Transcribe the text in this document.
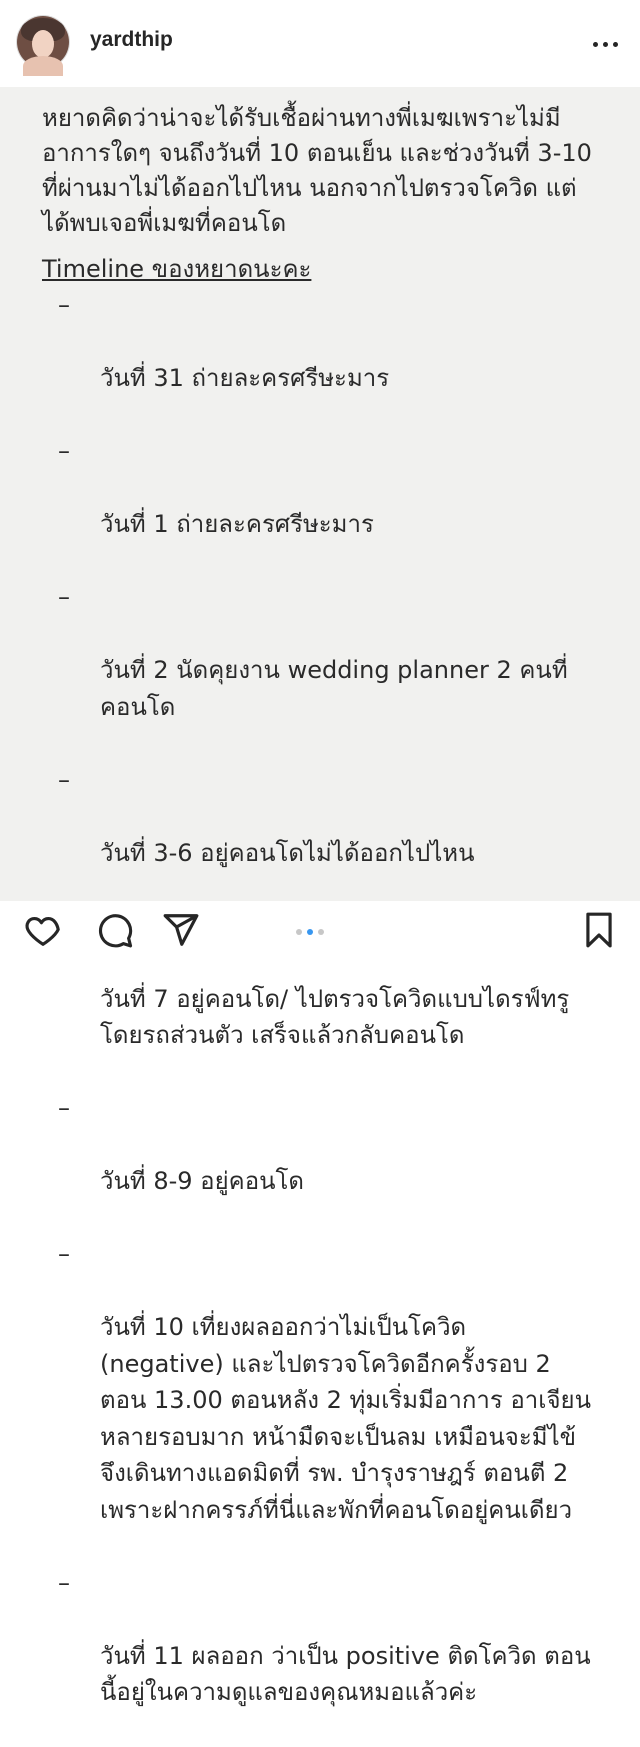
yardthip
หยาดคิดว่าน่าจะได้รับเชื้อผ่านทางพี่เมฆเพราะไม่มี
อาการใดๆ จนถึงวันที่ 10 ตอนเย็น และช่วงวันที่ 3-10
ที่ผ่านมาไม่ได้ออกไปไหน นอกจากไปตรวจโควิด แต่
ได้พบเจอพี่เมฆที่คอนโด
Timeline ของหยาดนะคะ

–

วันที่ 31 ถ่ายละครศรีษะมาร

–

วันที่ 1 ถ่ายละครศรีษะมาร

–

วันที่ 2 นัดคุยงาน wedding planner 2 คนที่
คอนโด

–

วันที่ 3-6 อยู่คอนโดไม่ได้ออกไปไหน

วันที่ 7 อยู่คอนโด/ ไปตรวจโควิดแบบไดรฟ์ทรู
โดยรถส่วนตัว เสร็จแล้วกลับคอนโด

–

วันที่ 8-9 อยู่คอนโด

–

วันที่ 10 เที่ยงผลออกว่าไม่เป็นโควิด
(negative) และไปตรวจโควิดอีกครั้งรอบ 2
ตอน 13.00 ตอนหลัง 2 ทุ่มเริ่มมีอาการ อาเจียน
หลายรอบมาก หน้ามืดจะเป็นลม เหมือนจะมีไข้
จึงเดินทางแอดมิดที่ รพ. บำรุงราษฎร์ ตอนตี 2
เพราะฝากครรภ์ที่นี่และพักที่คอนโดอยู่คนเดียว

–

วันที่ 11 ผลออก ว่าเป็น positive ติดโควิด ตอน
นี้อยู่ในความดูแลของคุณหมอแล้วค่ะ
